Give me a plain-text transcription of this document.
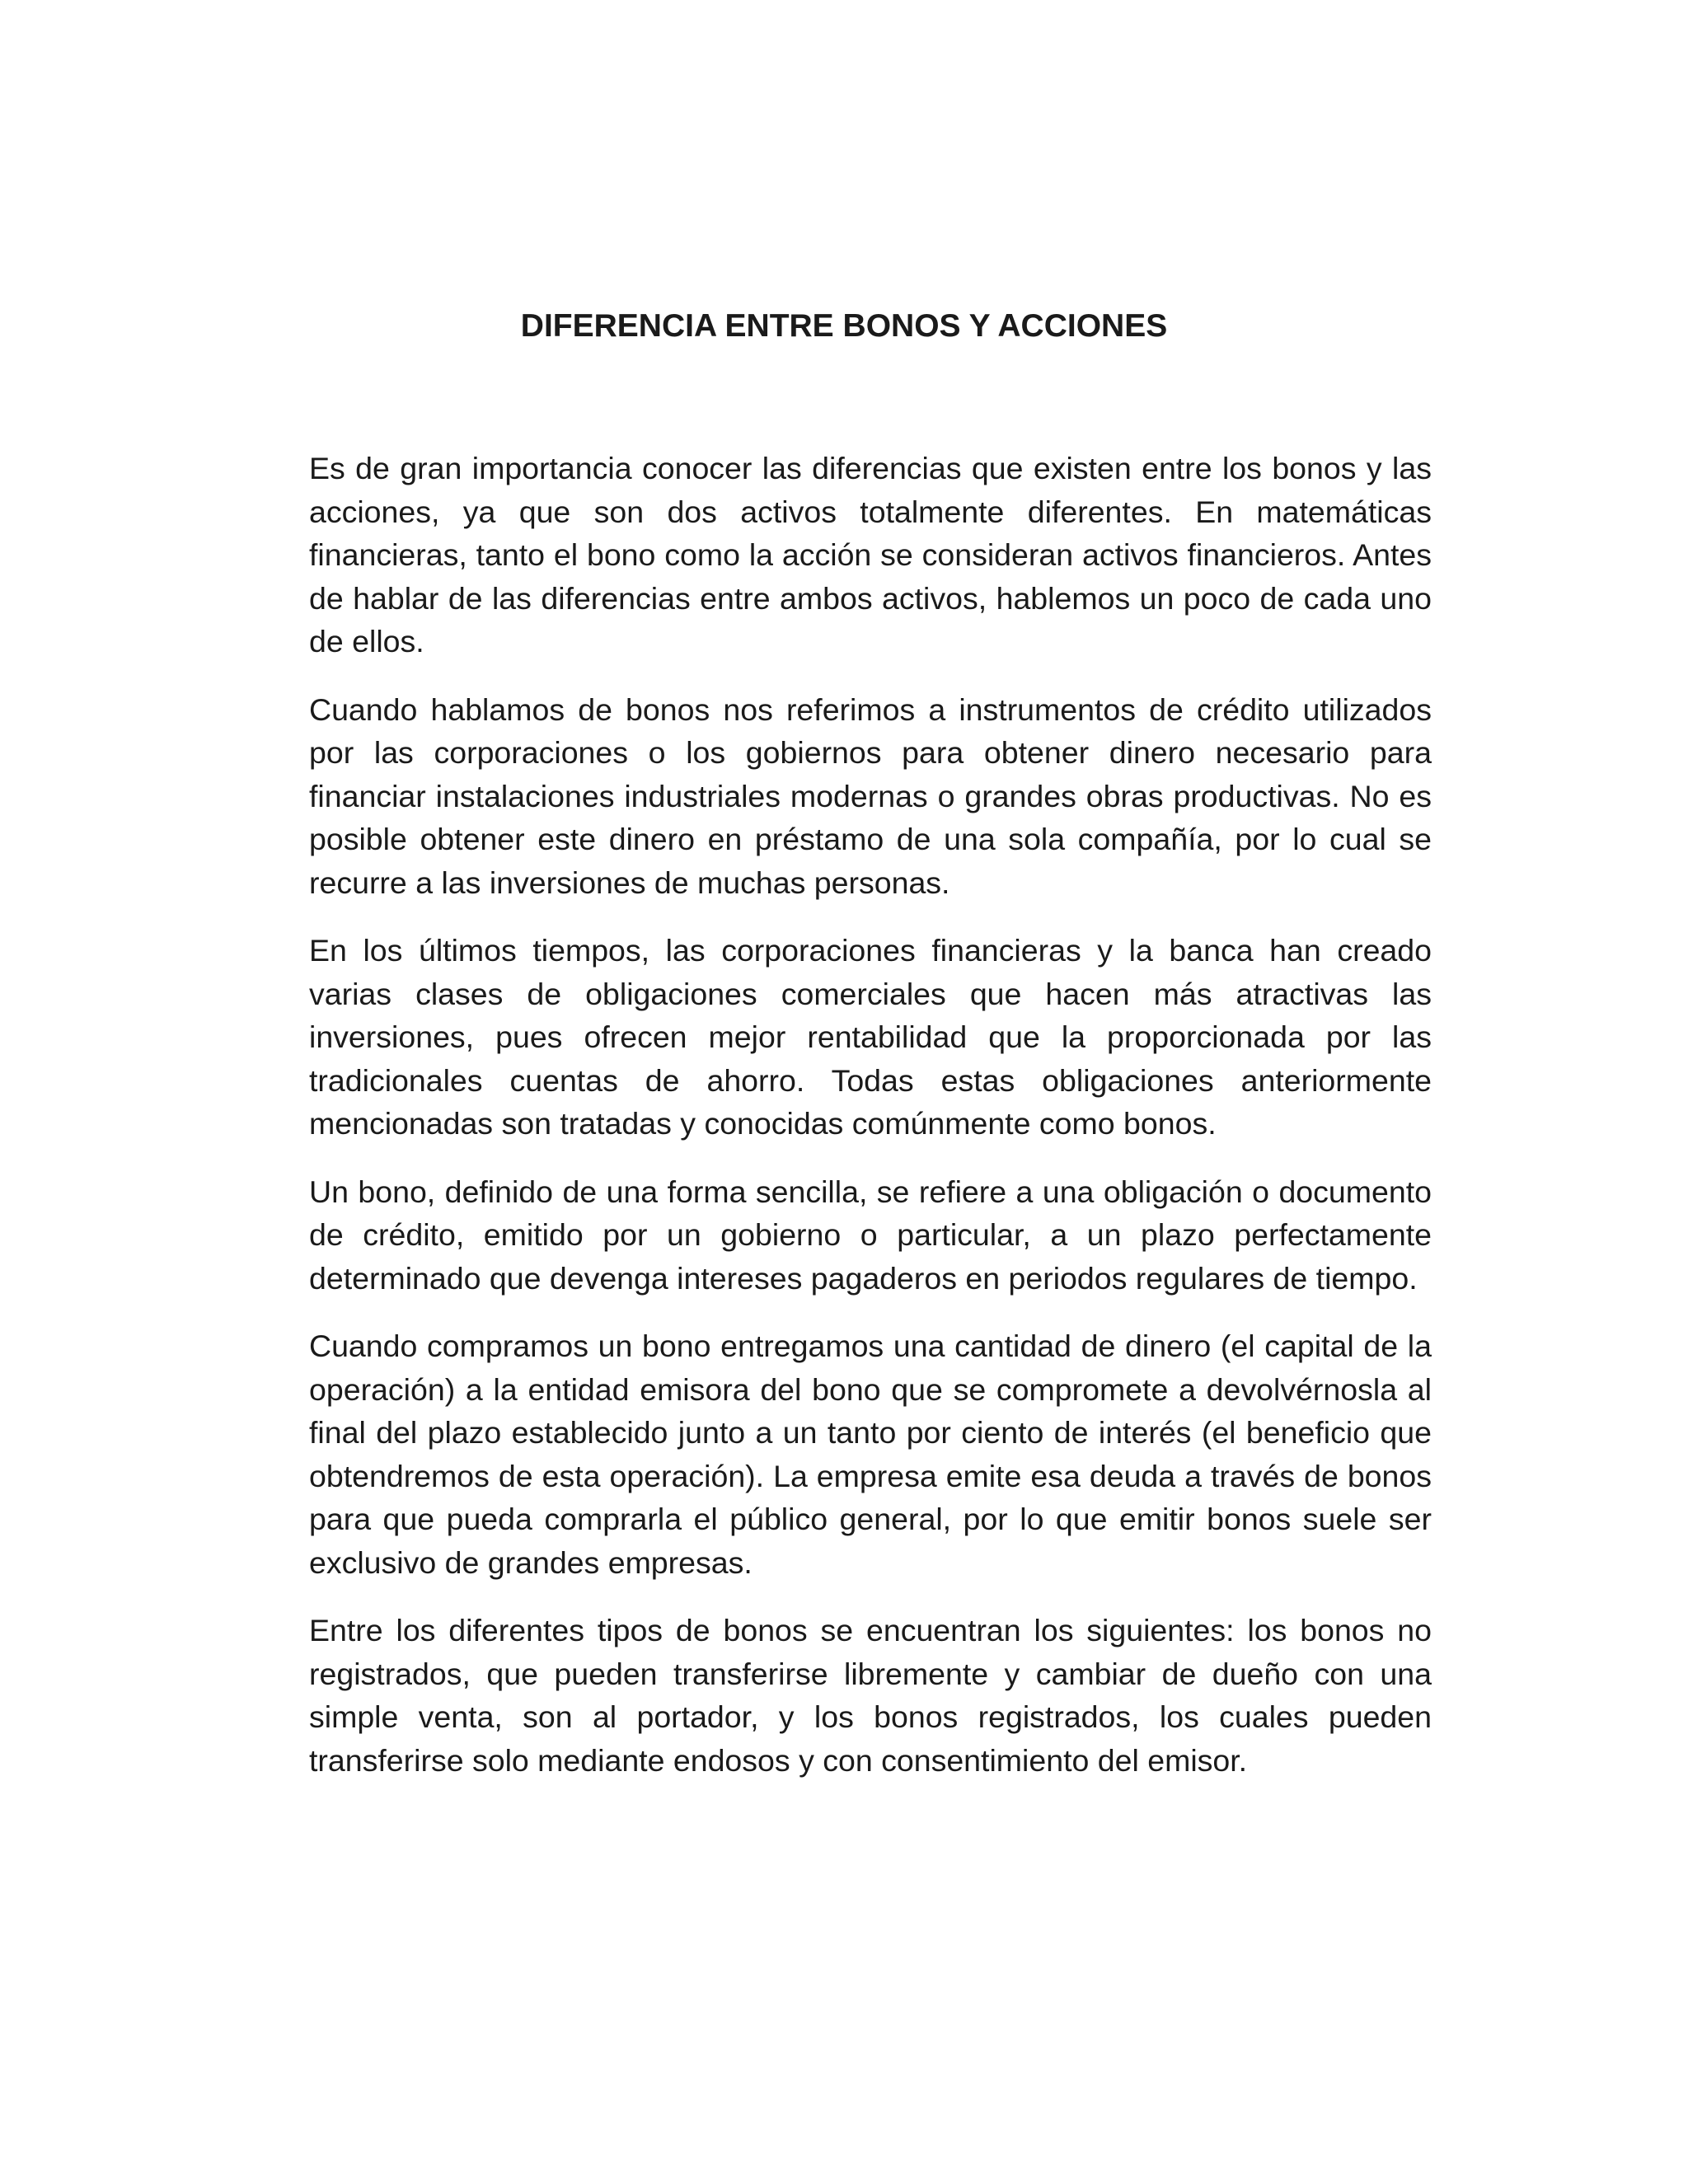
DIFERENCIA ENTRE BONOS Y ACCIONES

Es de gran importancia conocer las diferencias que existen entre los bonos y las acciones, ya que son dos activos totalmente diferentes. En matemáticas financieras, tanto el bono como la acción se consideran activos financieros. Antes de hablar de las diferencias entre ambos activos, hablemos un poco de cada uno de ellos.

Cuando hablamos de bonos nos referimos a instrumentos de crédito utilizados por las corporaciones o los gobiernos para obtener dinero necesario para financiar instalaciones industriales modernas o grandes obras productivas. No es posible obtener este dinero en préstamo de una sola compañía, por lo cual se recurre a las inversiones de muchas personas.

En los últimos tiempos, las corporaciones financieras y la banca han creado varias clases de obligaciones comerciales que hacen más atractivas las inversiones, pues ofrecen mejor rentabilidad que la proporcionada por las tradicionales cuentas de ahorro. Todas estas obligaciones anteriormente mencionadas son tratadas y conocidas comúnmente como bonos.

Un bono, definido de una forma sencilla, se refiere a una obligación o documento de crédito, emitido por un gobierno o particular, a un plazo perfectamente determinado que devenga intereses pagaderos en periodos regulares de tiempo.

Cuando compramos un bono entregamos una cantidad de dinero (el capital de la operación) a la entidad emisora del bono que se compromete a devolvérnosla al final del plazo establecido junto a un tanto por ciento de interés (el beneficio que obtendremos de esta operación). La empresa emite esa deuda a través de bonos para que pueda comprarla el público general, por lo que emitir bonos suele ser exclusivo de grandes empresas.

Entre los diferentes tipos de bonos se encuentran los siguientes: los bonos no registrados, que pueden transferirse libremente y cambiar de dueño con una simple venta, son al portador, y los bonos registrados, los cuales pueden transferirse solo mediante endosos y con consentimiento del emisor.
